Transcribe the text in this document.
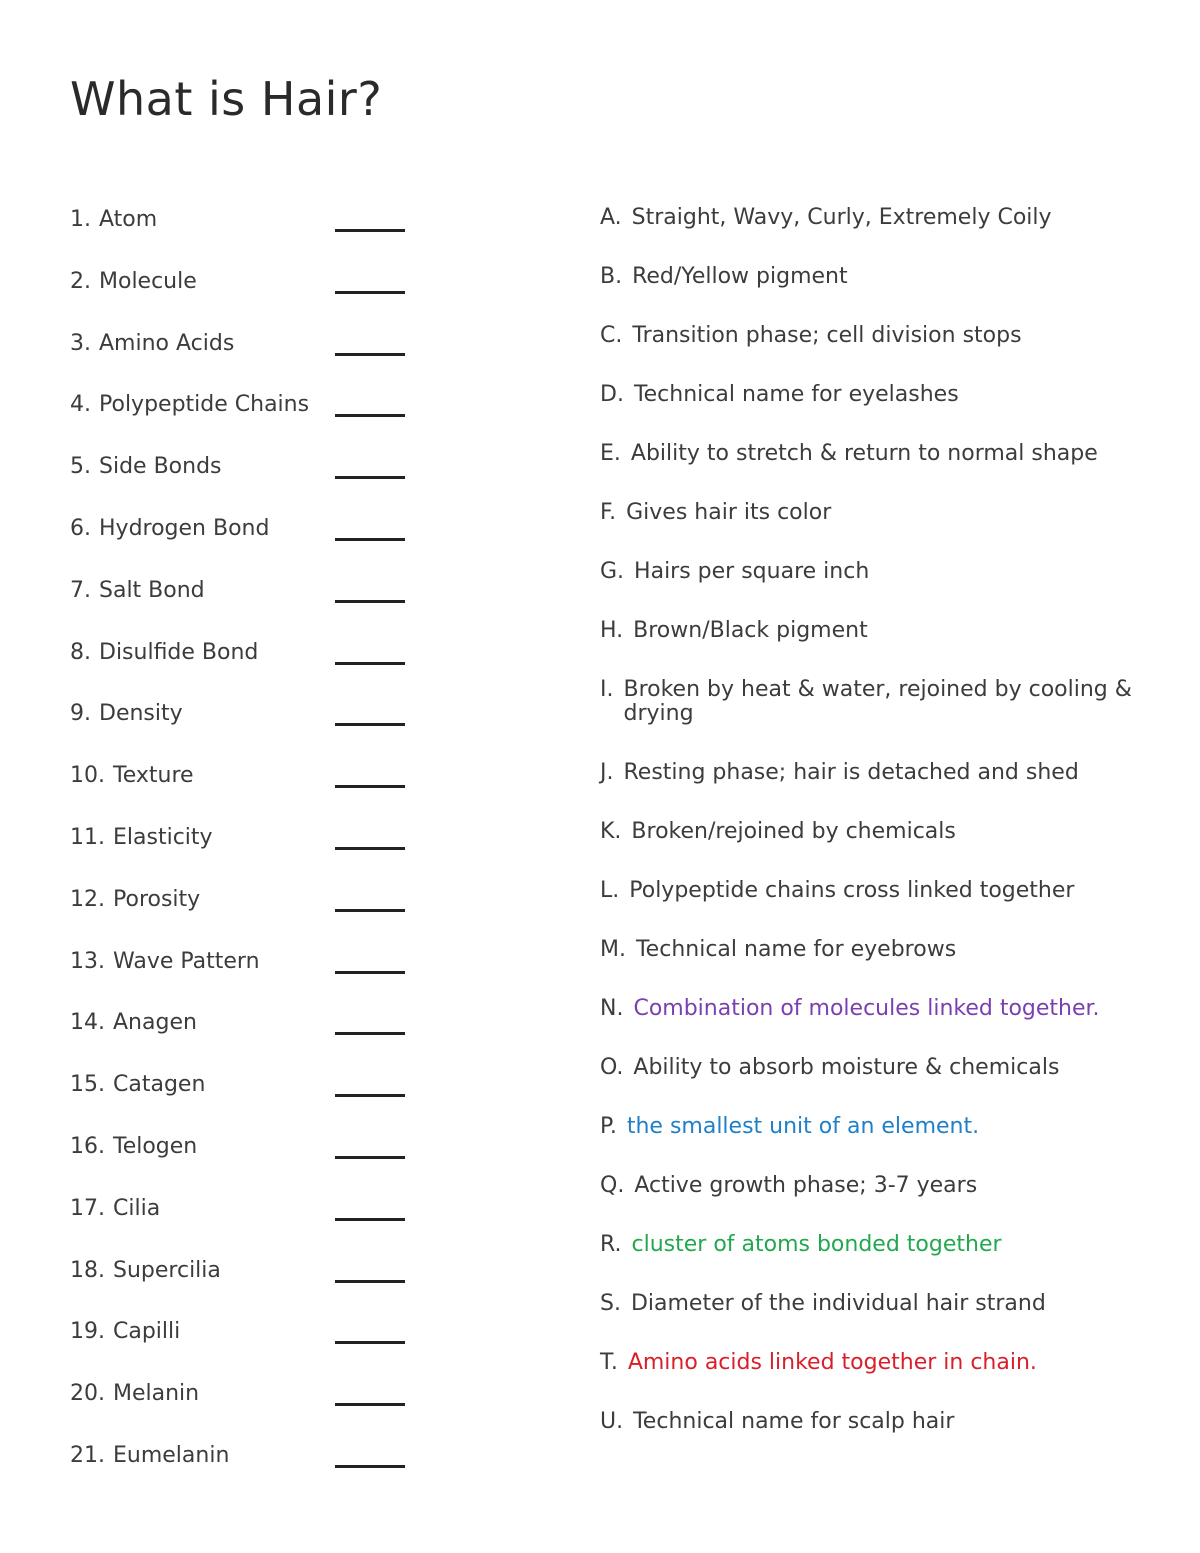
What is Hair?
1. Atom
2. Molecule
3. Amino Acids
4. Polypeptide Chains
5. Side Bonds
6. Hydrogen Bond
7. Salt Bond
8. Disulfide Bond
9. Density
10. Texture
11. Elasticity
12. Porosity
13. Wave Pattern
14. Anagen
15. Catagen
16. Telogen
17. Cilia
18. Supercilia
19. Capilli
20. Melanin
21. Eumelanin
A. Straight, Wavy, Curly, Extremely Coily
B. Red/Yellow pigment
C. Transition phase; cell division stops
D. Technical name for eyelashes
E. Ability to stretch & return to normal shape
F. Gives hair its color
G. Hairs per square inch
H. Brown/Black pigment
I. Broken by heat & water, rejoined by cooling & drying
J. Resting phase; hair is detached and shed
K. Broken/rejoined by chemicals
L. Polypeptide chains cross linked together
M. Technical name for eyebrows
N. Combination of molecules linked together.
O. Ability to absorb moisture & chemicals
P. the smallest unit of an element.
Q. Active growth phase; 3-7 years
R. cluster of atoms bonded together
S. Diameter of the individual hair strand
T. Amino acids linked together in chain.
U. Technical name for scalp hair
